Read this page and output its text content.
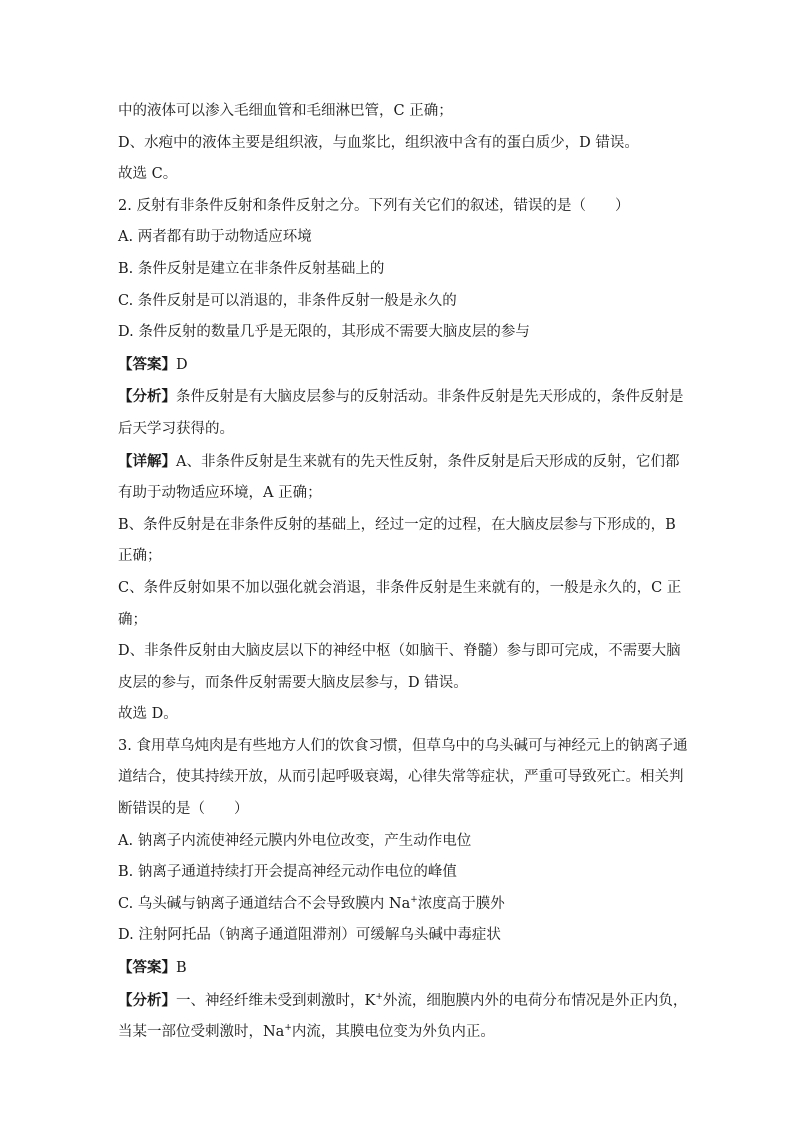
中的液体可以渗入毛细血管和毛细淋巴管，C 正确；
D、水疱中的液体主要是组织液，与血浆比，组织液中含有的蛋白质少，D 错误。
故选 C。
2. 反射有非条件反射和条件反射之分。下列有关它们的叙述，错误的是（　　）
A. 两者都有助于动物适应环境
B. 条件反射是建立在非条件反射基础上的
C. 条件反射是可以消退的，非条件反射一般是永久的
D. 条件反射的数量几乎是无限的，其形成不需要大脑皮层的参与
【答案】D
【分析】条件反射是有大脑皮层参与的反射活动。非条件反射是先天形成的，条件反射是
后天学习获得的。
【详解】A、非条件反射是生来就有的先天性反射，条件反射是后天形成的反射，它们都
有助于动物适应环境，A 正确；
B、条件反射是在非条件反射的基础上，经过一定的过程，在大脑皮层参与下形成的，B
正确；
C、条件反射如果不加以强化就会消退，非条件反射是生来就有的，一般是永久的，C 正
确；
D、非条件反射由大脑皮层以下的神经中枢（如脑干、脊髓）参与即可完成，不需要大脑
皮层的参与，而条件反射需要大脑皮层参与，D 错误。
故选 D。
3. 食用草乌炖肉是有些地方人们的饮食习惯，但草乌中的乌头碱可与神经元上的钠离子通
道结合，使其持续开放，从而引起呼吸衰竭，心律失常等症状，严重可导致死亡。相关判
断错误的是（　　）
A. 钠离子内流使神经元膜内外电位改变，产生动作电位
B. 钠离子通道持续打开会提高神经元动作电位的峰值
C. 乌头碱与钠离子通道结合不会导致膜内 Na+浓度高于膜外
D. 注射阿托品（钠离子通道阻滞剂）可缓解乌头碱中毒症状
【答案】B
【分析】一、神经纤维未受到刺激时，K+外流，细胞膜内外的电荷分布情况是外正内负，
当某一部位受刺激时，Na+内流，其膜电位变为外负内正。
